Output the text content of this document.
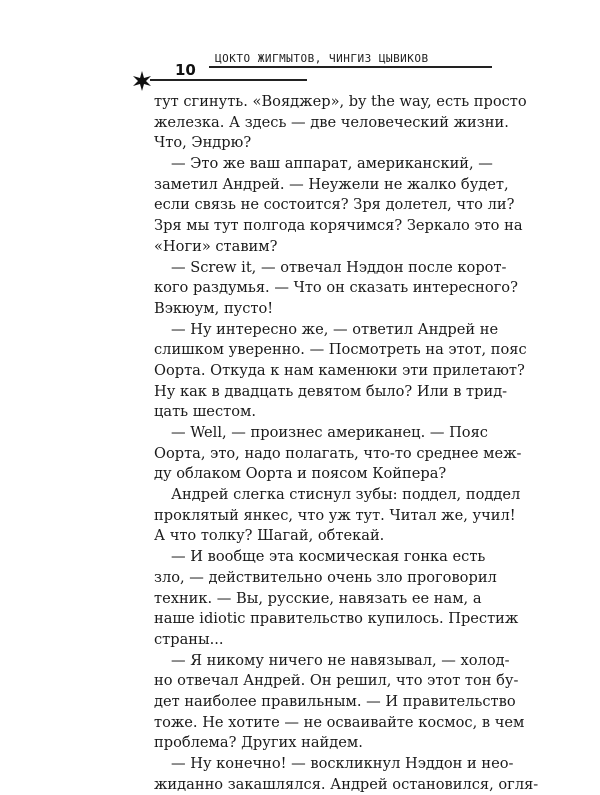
ЦОКТО ЖИГМЫТОВ, ЧИНГИЗ ЦЫВИКОВ
10
тут сгинуть. «Вояджер», by the way, есть просто
железка. А здесь — две человеческий жизни.
Что, Эндрю?
— Это же ваш аппарат, американский, —
заметил Андрей. — Неужели не жалко будет,
если связь не состоится? Зря долетел, что ли?
Зря мы тут полгода корячимся? Зеркало это на
«Ноги» ставим?
— Screw it, — отвечал Нэддон после корот-
кого раздумья. — Что он сказать интересного?
Вэкюум, пусто!
— Ну интересно же, — ответил Андрей не
слишком уверенно. — Посмотреть на этот, пояс
Оорта. Откуда к нам каменюки эти прилетают?
Ну как в двадцать девятом было? Или в трид-
цать шестом.
— Well, — произнес американец. — Пояс
Оорта, это, надо полагать, что-то среднее меж-
ду облаком Оорта и поясом Койпера?
Андрей слегка стиснул зубы: поддел, поддел
проклятый янкес, что уж тут. Читал же, учил!
А что толку? Шагай, обтекай.
— И вообще эта космическая гонка есть
зло, — действительно очень зло проговорил
техник. — Вы, русские, навязать ее нам, а
наше idiotic правительство купилось. Престиж
страны...
— Я никому ничего не навязывал, — холод-
но отвечал Андрей. Он решил, что этот тон бу-
дет наиболее правильным. — И правительство
тоже. Не хотите — не осваивайте космос, в чем
проблема? Других найдем.
— Ну конечно! — воскликнул Нэддон и нео-
жиданно закашлялся. Андрей остановился, огля-
